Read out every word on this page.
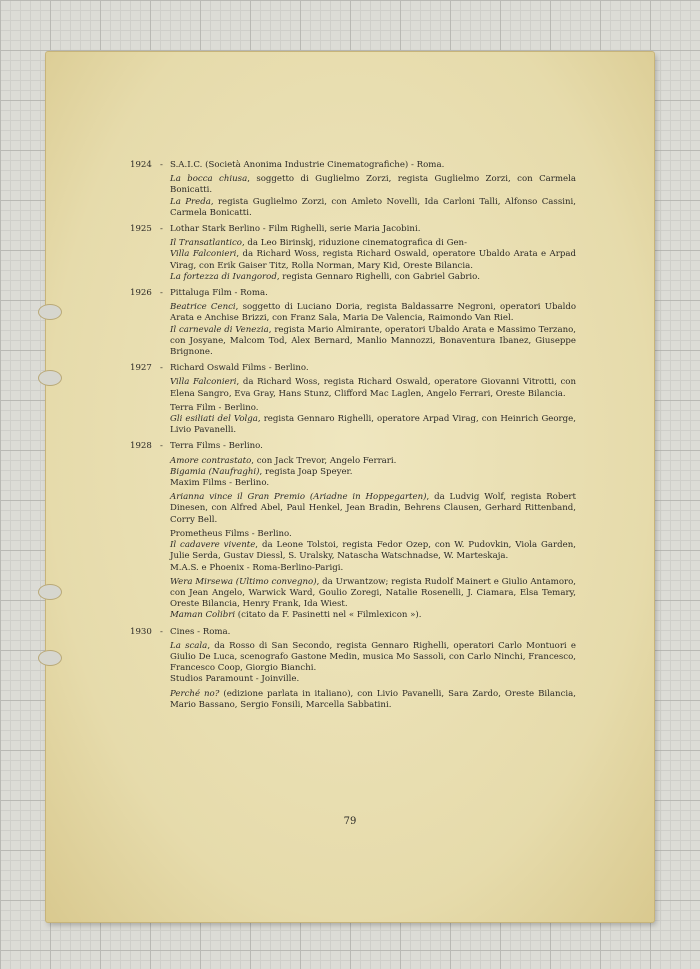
1924 - S.A.I.C. (Società Anonima Industrie Cinematografiche) - Roma.
La bocca chiusa, soggetto di Guglielmo Zorzi, regista Guglielmo Zorzi, con Carmela Bonicatti.
La Preda, regista Guglielmo Zorzi, con Amleto Novelli, Ida Carloni Talli, Alfonso Cassini, Carmela Bonicatti.
1925 - Lothar Stark Berlino - Film Righelli, serie Maria Jacobini.
Il Transatlantico, da Leo Birinskj, riduzione cinematografica di Gen-
Villa Falconieri, da Richard Woss, regista Richard Oswald, operatore Ubaldo Arata e Arpad Virag, con Erik Gaiser Titz, Rolla Norman, Mary Kid, Oreste Bilancia.
La fortezza di Ivangorod, regista Gennaro Righelli, con Gabriel Gabrio.
1926 - Pittaluga Film - Roma.
Beatrice Cenci, soggetto di Luciano Doria, regista Baldassarre Negroni, operatori Ubaldo Arata e Anchise Brizzi, con Franz Sala, Maria De Valencia, Raimondo Van Riel.
Il carnevale di Venezia, regista Mario Almirante, operatori Ubaldo Arata e Massimo Terzano, con Josyane, Malcom Tod, Alex Bernard, Manlio Mannozzi, Bonaventura Ibanez, Giuseppe Brignone.
1927 - Richard Oswald Films - Berlino.
Villa Falconieri, da Richard Woss, regista Richard Oswald, operatore Giovanni Vitrotti, con Elena Sangro, Eva Gray, Hans Stunz, Clifford Mac Laglen, Angelo Ferrari, Oreste Bilancia.
Terra Film - Berlino.
Gli esiliati del Volga, regista Gennaro Righelli, operatore Arpad Virag, con Heinrich George, Livio Pavanelli.
1928 - Terra Films - Berlino.
Amore contrastato, con Jack Trevor, Angelo Ferrari.
Bigamia (Naufraghi), regista Joap Speyer.
Maxim Films - Berlino.
Arianna vince il Gran Premio (Ariadne in Hoppegarten), da Ludvig Wolf, regista Robert Dinesen, con Alfred Abel, Paul Henkel, Jean Bradin, Behrens Clausen, Gerhard Rittenband, Corry Bell.
Prometheus Films - Berlino.
Il cadavere vivente, da Leone Tolstoi, regista Fedor Ozep, con W. Pudovkin, Viola Garden, Julie Serda, Gustav Diessl, S. Uralsky, Natascha Watschnadse, W. Marteskaja.
M.A.S. e Phoenix - Roma-Berlino-Parigi.
Wera Mirsewa (Ultimo convegno), da Urwantzow; regista Rudolf Mainert e Giulio Antamoro, con Jean Angelo, Warwick Ward, Goulio Zoregi, Natalie Rosenelli, J. Ciamara, Elsa Temary, Oreste Bilancia, Henry Frank, Ida Wiest.
Maman Colibri (citato da F. Pasinetti nel « Filmlexicon »).
1930 - Cines - Roma.
La scala, da Rosso di San Secondo, regista Gennaro Righelli, operatori Carlo Montuori e Giulio De Luca, scenografo Gastone Medin, musica Mo Sassoli, con Carlo Ninchi, Francesco, Francesco Coop, Giorgio Bianchi.
Studios Paramount - Joinville.
Perché no? (edizione parlata in italiano), con Livio Pavanelli, Sara Zardo, Oreste Bilancia, Mario Bassano, Sergio Fonsili, Marcella Sabbatini.
79
